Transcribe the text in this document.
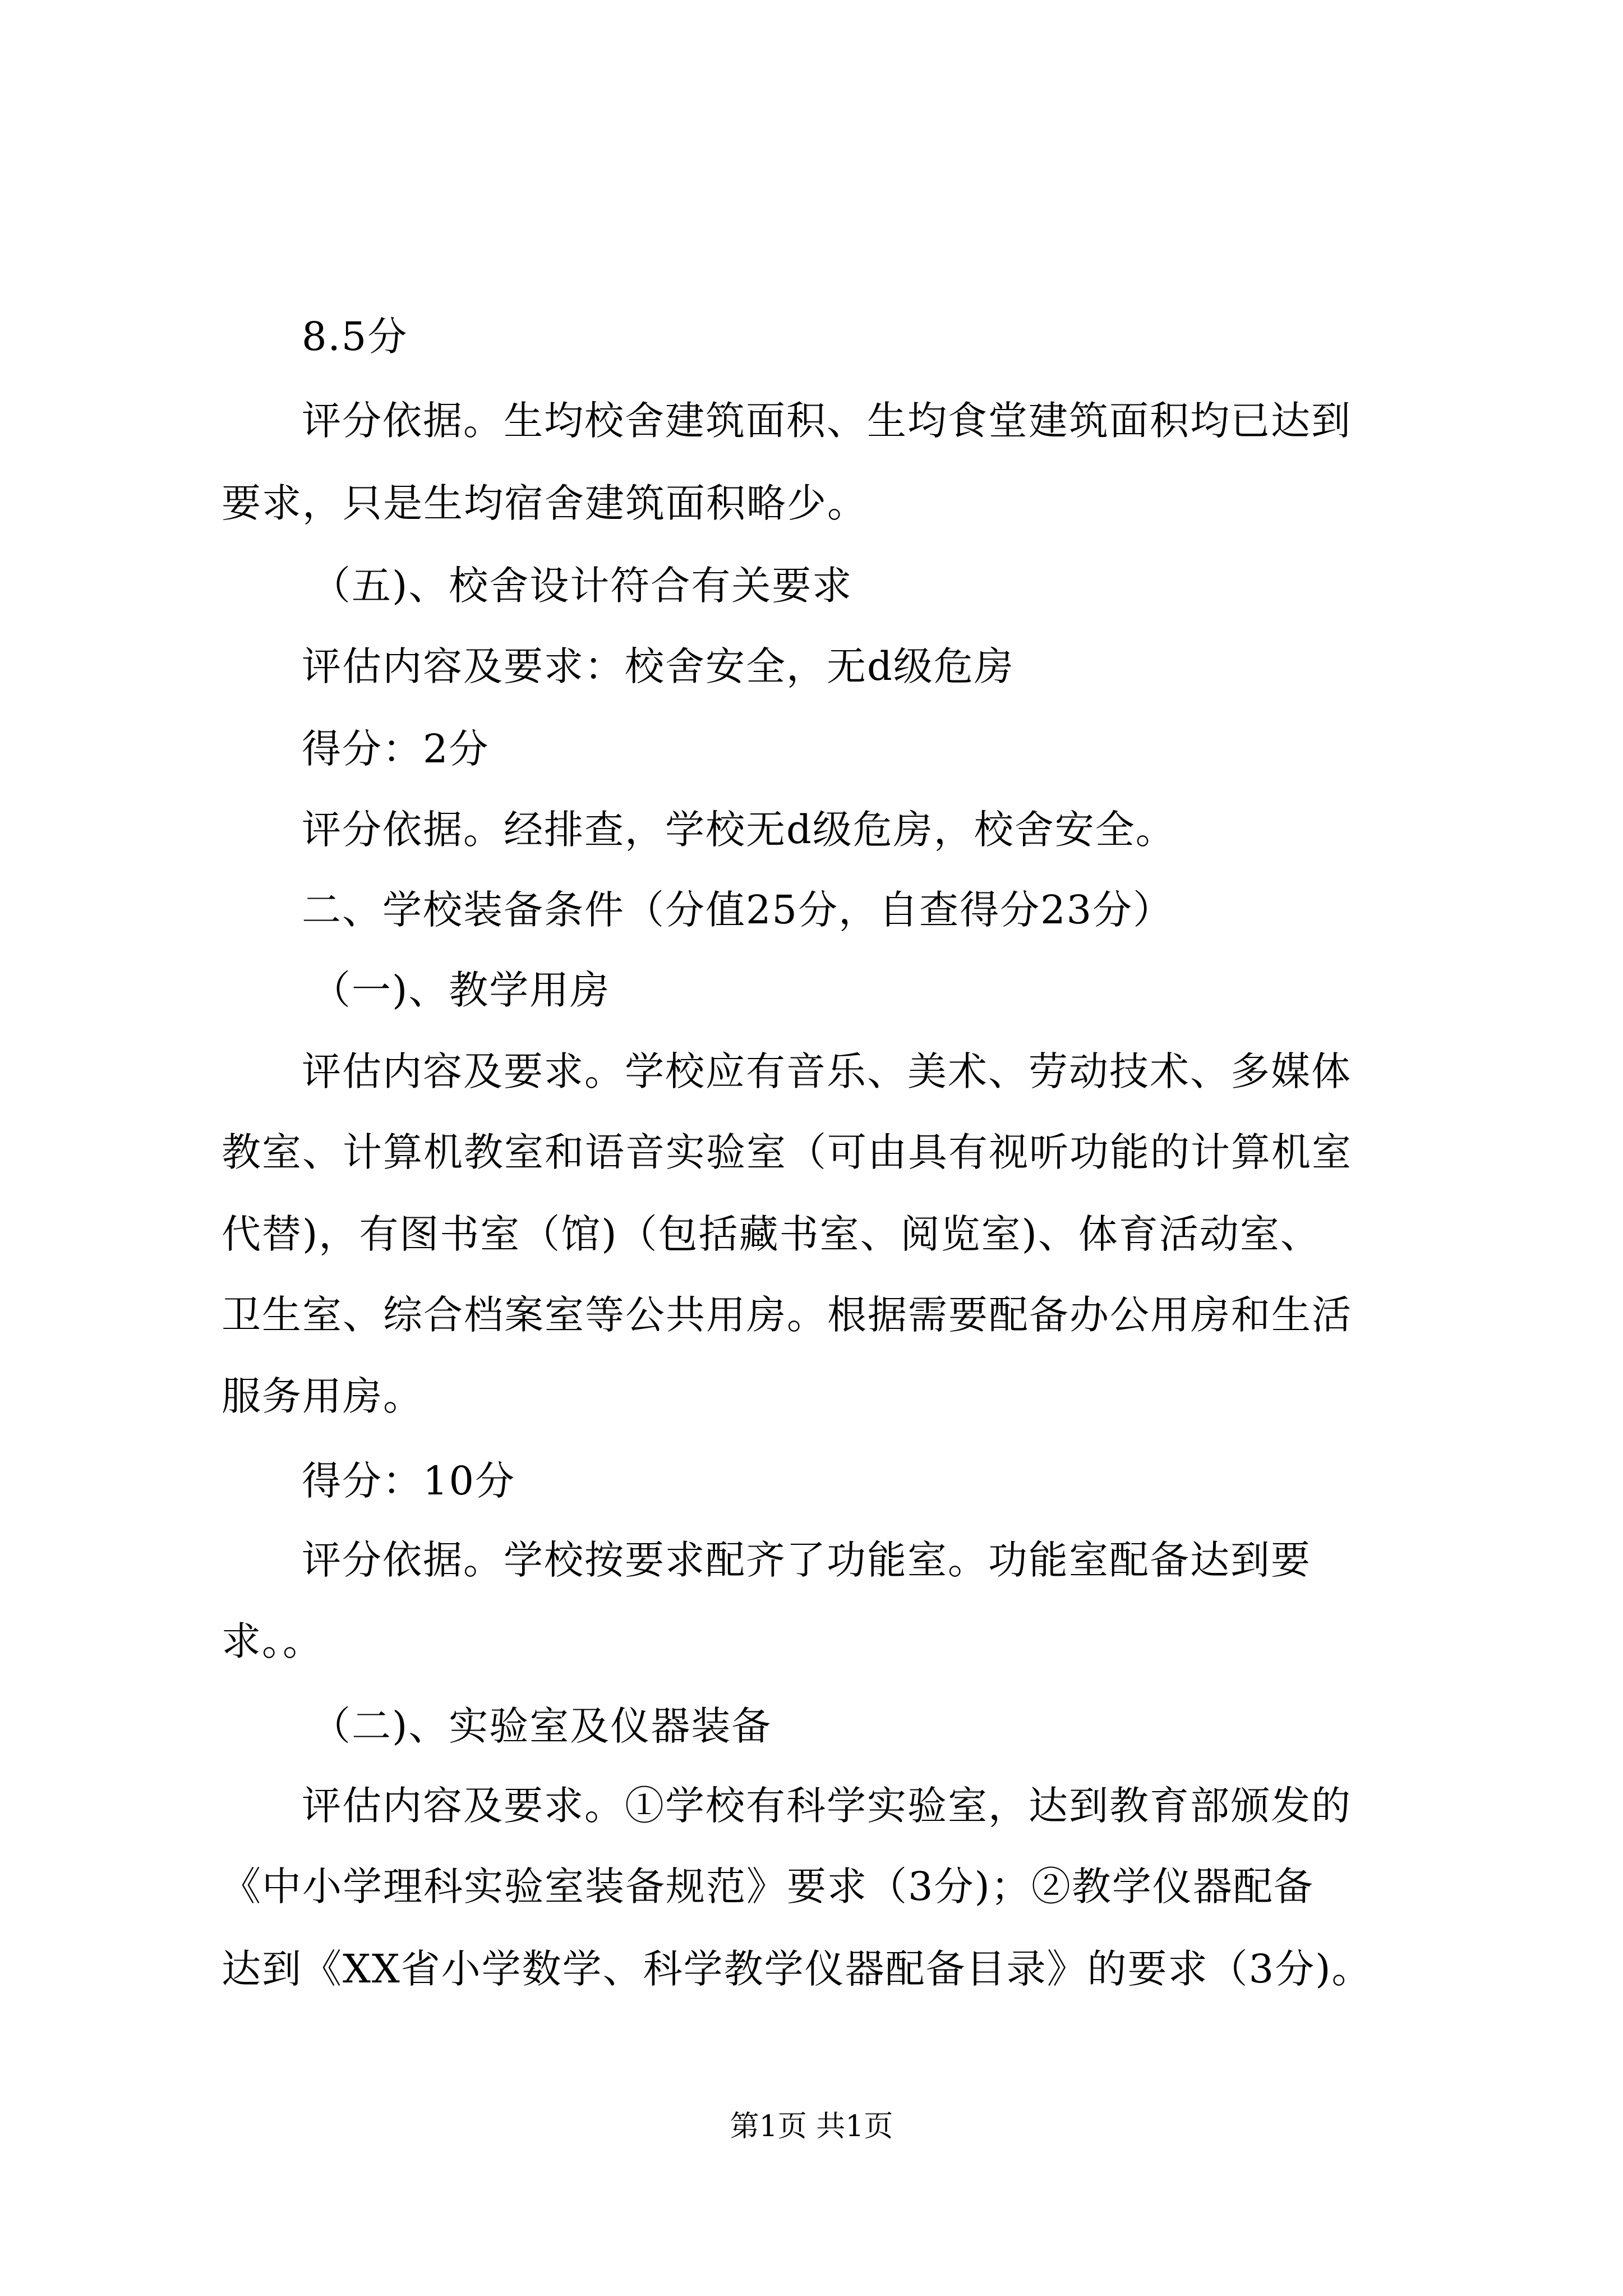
8.5分
评分依据。生均校舍建筑面积、生均食堂建筑面积均已达到
要求，只是生均宿舍建筑面积略少。
（五)、校舍设计符合有关要求
评估内容及要求：校舍安全，无d级危房
得分：2分
评分依据。经排查，学校无d级危房，校舍安全。
二、学校装备条件（分值25分，自查得分23分）
（一)、教学用房
评估内容及要求。学校应有音乐、美术、劳动技术、多媒体
教室、计算机教室和语音实验室（可由具有视听功能的计算机室
代替)，有图书室（馆)（包括藏书室、阅览室)、体育活动室、
卫生室、综合档案室等公共用房。根据需要配备办公用房和生活
服务用房。
得分：10分
评分依据。学校按要求配齐了功能室。功能室配备达到要
求。。
（二)、实验室及仪器装备
评估内容及要求。①学校有科学实验室，达到教育部颁发的
《中小学理科实验室装备规范》要求（3分)；②教学仪器配备
达到《XX省小学数学、科学教学仪器配备目录》的要求（3分)。
第1页 共1页
